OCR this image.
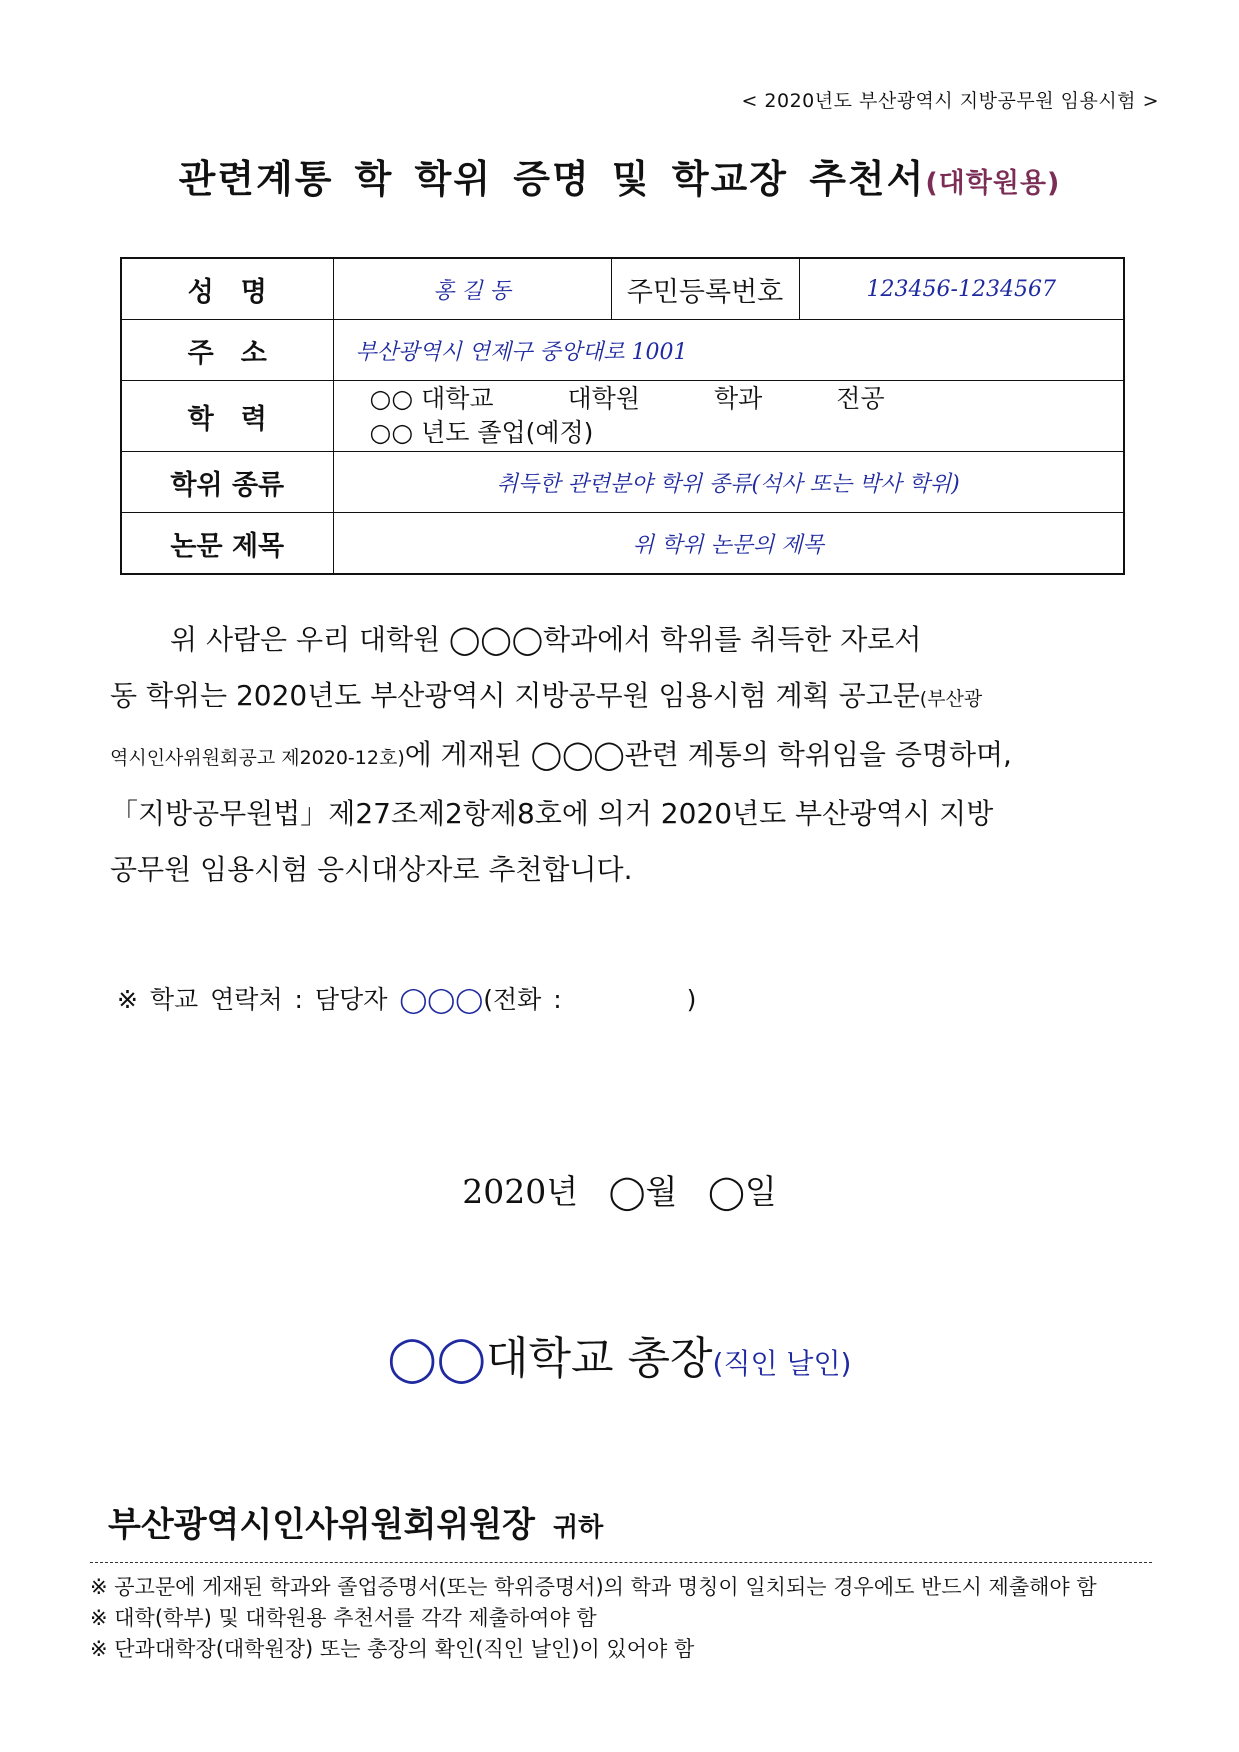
< 2020년도 부산광역시 지방공무원 임용시험 >
관련계통 학 학위 증명 및 학교장 추천서(대학원용)
성　명	홍 길 동	주민등록번호	123456-1234567
주　소	부산광역시 연제구 중앙대로 1001		
학　력	○○ 대학교 대학원 학과 전공
○○ 년도 졸업(예정)		

학위 종류	취득한 관련분야 학위 종류(석사 또는 박사 학위)		
논문 제목	위 학위 논문의 제목		
위 사람은 우리 대학원 ◯◯◯학과에서 학위를 취득한 자로서
동 학위는 2020년도 부산광역시 지방공무원 임용시험 계획 공고문(부산광
역시인사위원회공고 제2020-12호)에 게재된 ◯◯◯관련 계통의 학위임을 증명하며,
「지방공무원법」제27조제2항제8호에 의거 2020년도 부산광역시 지방
공무원 임용시험 응시대상자로 추천합니다.
※ 학교 연락처 : 담당자 ◯◯◯(전화 :　　　　　)
2020년 ◯월 ◯일
◯◯대학교 총장(직인 날인)
부산광역시인사위원회위원장 귀하
※ 공고문에 게재된 학과와 졸업증명서(또는 학위증명서)의 학과 명칭이 일치되는 경우에도 반드시 제출해야 함
※ 대학(학부) 및 대학원용 추천서를 각각 제출하여야 함
※ 단과대학장(대학원장) 또는 총장의 확인(직인 날인)이 있어야 함
